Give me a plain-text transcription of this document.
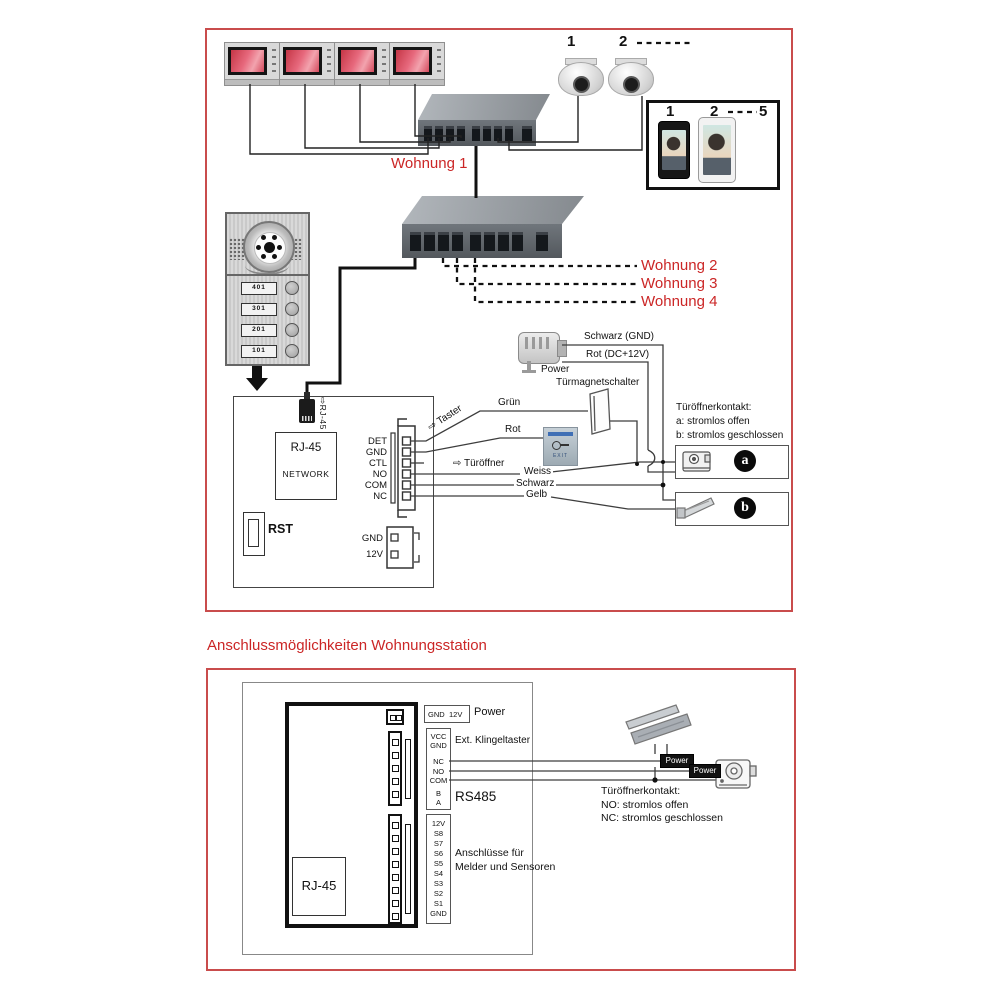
1	2
1 2	5
Wohnung 1
Wohnung 2
Wohnung 3
Wohnung 4
401
301
201
101
⇨RJ-45
RJ-45
NETWORK
RST
DET
GND
CTL
NO
COM
NC
GND
12V
Power
Schwarz (GND)
Rot (DC+12V)
Türmagnetschalter
Grün
Rot
⇨ Taster
⇨ Türöffner
Weiss
Schwarz
Gelb
EXIT
Türöffnerkontakt:
a: stromlos offen
b: stromlos geschlossen
a
b
Anschlussmöglichkeiten Wohnungsstation
RJ-45
GND 12V Power
VCC
GND
NC
NO
COM
B
A
Ext. Klingeltaster
RS485
12V
S8
S7
S6
S5
S4
S3
S2
S1
GND
Anschlüsse für
Melder und Sensoren
Power
Power
Türöffnerkontakt:
NO: stromlos offen
NC: stromlos geschlossen
